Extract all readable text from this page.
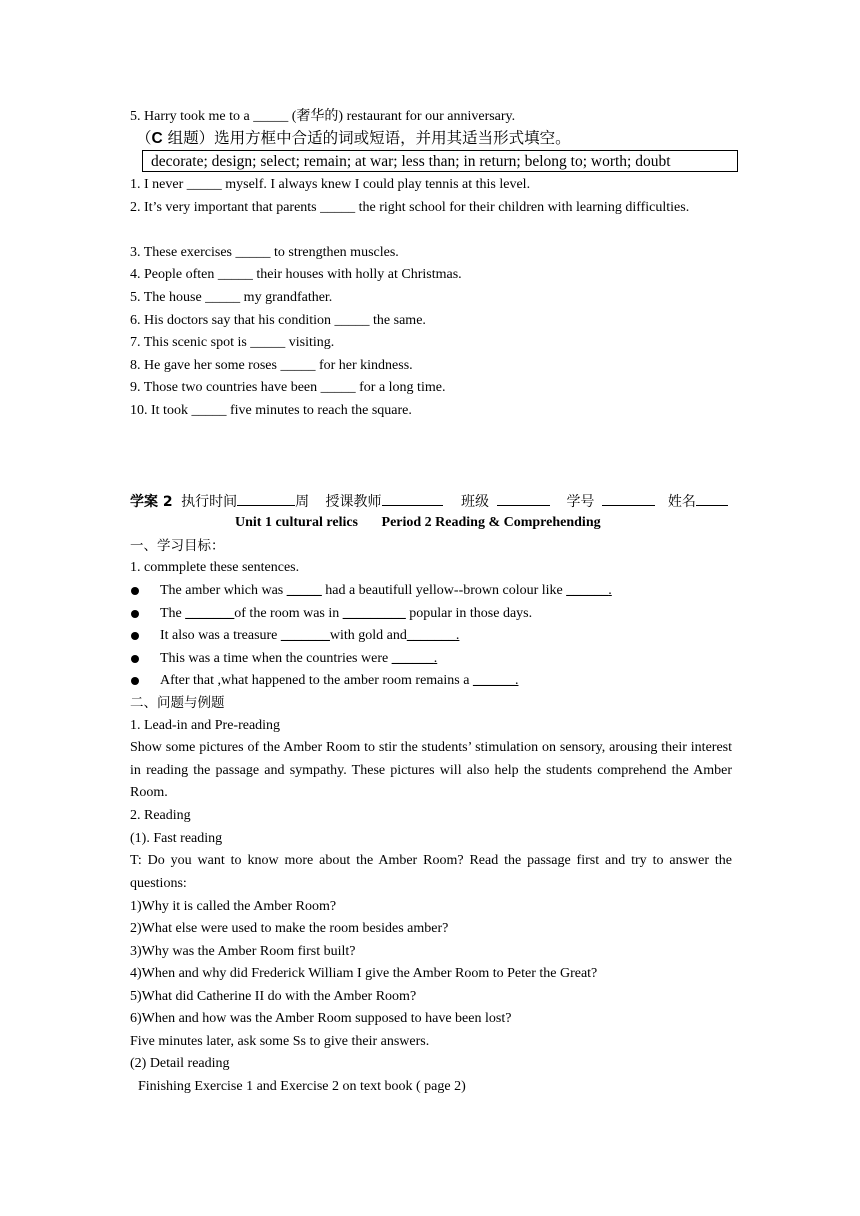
5. Harry took me to a _____ (奢华的) restaurant for our anniversary.
（C 组题）选用方框中合适的词或短语，并用其适当形式填空。
decorate; design; select; remain; at war; less than; in return; belong to; worth; doubt
1. I never _____ myself. I always knew I could play tennis at this level.
2. It’s very important that parents _____ the right school for their children with learning difficulties.
3. These exercises _____ to strengthen muscles.
4. People often _____ their houses with holly at Christmas.
5. The house _____ my grandfather.
6. His doctors say that his condition _____ the same.
7. This scenic spot is _____ visiting.
8. He gave her some roses _____ for her kindness.
9. Those two countries have been _____ for a long time.
10. It took _____ five minutes to reach the square.
学案 2 执行时间	周 授课教师	班级	学号	姓名
Unit 1 cultural relics Period 2 Reading & Comprehending
一、学习目标：
1. commplete these sentences.
The amber which was _____ had a beautifull yellow--brown colour like ______.
The _______of the room was in _________ popular in those days.
It also was a treasure _______with gold and_______.
This was a time when the countries were ______.
After that ,what happened to the amber room remains a ______.
二、问题与例题
1. Lead-in and Pre-reading
Show some pictures of the Amber Room to stir the students’ stimulation on sensory, arousing their interest in reading the passage and sympathy. These pictures will also help the students comprehend the Amber Room.
2. Reading
(1). Fast reading
T: Do you want to know more about the Amber Room? Read the passage first and try to answer the questions:
1)Why it is called the Amber Room?
2)What else were used to make the room besides amber?
3)Why was the Amber Room first built?
4)When and why did Frederick William I give the Amber Room to Peter the Great?
5)What did Catherine II do with the Amber Room?
6)When and how was the Amber Room supposed to have been lost?
Five minutes later, ask some Ss to give their answers.
(2) Detail reading
Finishing Exercise 1 and Exercise 2 on text book ( page 2)
